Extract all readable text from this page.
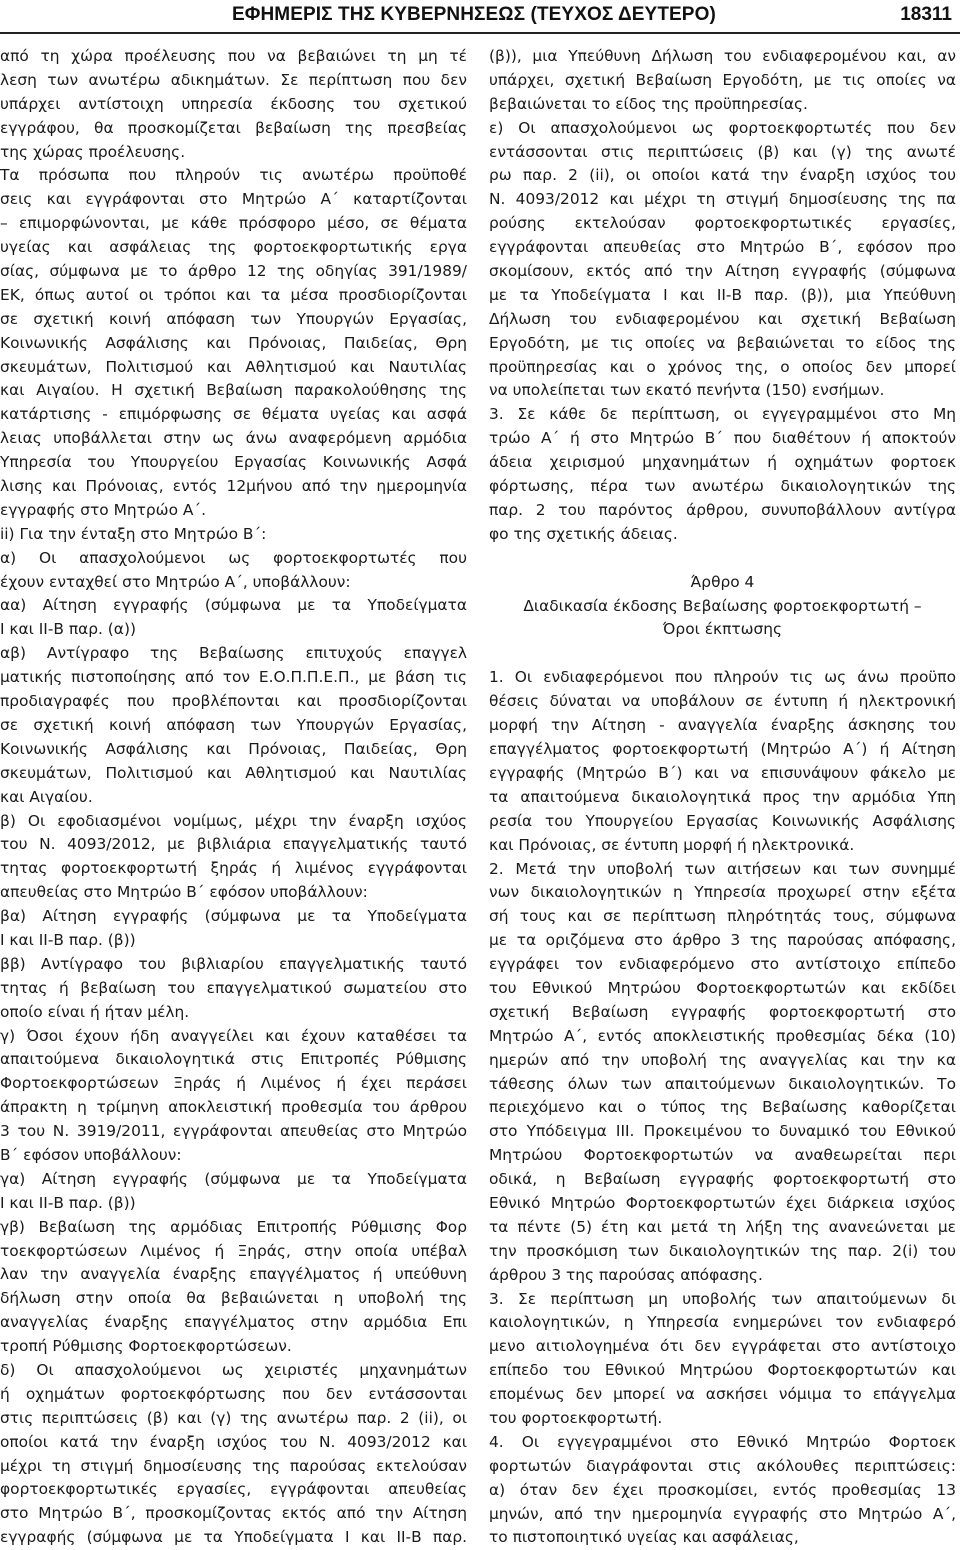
ΕΦΗΜΕΡΙΣ ΤΗΣ ΚΥΒΕΡΝΗΣΕΩΣ (ΤΕΥΧΟΣ ΔΕΥΤΕΡΟ)	18311
από τη χώρα προέλευσης που να βεβαιώνει τη μη τέ
λεση των ανωτέρω αδικημάτων. Σε περίπτωση που δεν
υπάρχει αντίστοιχη υπηρεσία έκδοσης του σχετικού
εγγράφου, θα προσκομίζεται βεβαίωση της πρεσβείας
της χώρας προέλευσης.
Τα πρόσωπα που πληρούν τις ανωτέρω προϋποθέ
σεις και εγγράφονται στο Μητρώο Α΄ καταρτίζονται
– επιμορφώνονται, με κάθε πρόσφορο μέσο, σε θέματα
υγείας και ασφάλειας της φορτοεκφορτωτικής εργα
σίας, σύμφωνα με το άρθρο 12 της οδηγίας 391/1989/
ΕΚ, όπως αυτοί οι τρόποι και τα μέσα προσδιορίζονται
σε σχετική κοινή απόφαση των Υπουργών Εργασίας,
Κοινωνικής Ασφάλισης και Πρόνοιας, Παιδείας, Θρη
σκευμάτων, Πολιτισμού και Αθλητισμού και Ναυτιλίας
και Αιγαίου. Η σχετική Βεβαίωση παρακολούθησης της
κατάρτισης - επιμόρφωσης σε θέματα υγείας και ασφά
λειας υποβάλλεται στην ως άνω αναφερόμενη αρμόδια
Υπηρεσία του Υπουργείου Εργασίας Κοινωνικής Ασφά
λισης και Πρόνοιας, εντός 12μήνου από την ημερομηνία
εγγραφής στο Μητρώο Α΄.
ii) Για την ένταξη στο Μητρώο Β΄:
α) Οι απασχολούμενοι ως φορτοεκφορτωτές που
έχουν ενταχθεί στο Μητρώο Α΄, υποβάλλουν:
αα) Αίτηση εγγραφής (σύμφωνα με τα Υποδείγματα
Ι και ΙΙ-Β παρ. (α))
αβ) Αντίγραφο της Βεβαίωσης επιτυχούς επαγγελ
ματικής πιστοποίησης από τον Ε.Ο.Π.Π.Ε.Π., με βάση τις
προδιαγραφές που προβλέπονται και προσδιορίζονται
σε σχετική κοινή απόφαση των Υπουργών Εργασίας,
Κοινωνικής Ασφάλισης και Πρόνοιας, Παιδείας, Θρη
σκευμάτων, Πολιτισμού και Αθλητισμού και Ναυτιλίας
και Αιγαίου.
β) Οι εφοδιασμένοι νομίμως, μέχρι την έναρξη ισχύος
του Ν. 4093/2012, με βιβλιάρια επαγγελματικής ταυτό
τητας φορτοεκφορτωτή ξηράς ή λιμένος εγγράφονται
απευθείας στο Μητρώο Β΄ εφόσον υποβάλλουν:
βα) Αίτηση εγγραφής (σύμφωνα με τα Υποδείγματα
Ι και ΙΙ-Β παρ. (β))
ββ) Αντίγραφο του βιβλιαρίου επαγγελματικής ταυτό
τητας ή βεβαίωση του επαγγελματικού σωματείου στο
οποίο είναι ή ήταν μέλη.
γ) Όσοι έχουν ήδη αναγγείλει και έχουν καταθέσει τα
απαιτούμενα δικαιολογητικά στις Επιτροπές Ρύθμισης
Φορτοεκφορτώσεων Ξηράς ή Λιμένος ή έχει περάσει
άπρακτη η τρίμηνη αποκλειστική προθεσμία του άρθρου
3 του Ν. 3919/2011, εγγράφονται απευθείας στο Μητρώο
Β΄ εφόσον υποβάλλουν:
γα) Αίτηση εγγραφής (σύμφωνα με τα Υποδείγματα
Ι και ΙΙ-Β παρ. (β))
γβ) Βεβαίωση της αρμόδιας Επιτροπής Ρύθμισης Φορ
τοεκφορτώσεων Λιμένος ή Ξηράς, στην οποία υπέβαλ
λαν την αναγγελία έναρξης επαγγέλματος ή υπεύθυνη
δήλωση στην οποία θα βεβαιώνεται η υποβολή της
αναγγελίας έναρξης επαγγέλματος στην αρμόδια Επι
τροπή Ρύθμισης Φορτοεκφορτώσεων.
δ) Οι απασχολούμενοι ως χειριστές μηχανημάτων
ή οχημάτων φορτοεκφόρτωσης που δεν εντάσσονται
στις περιπτώσεις (β) και (γ) της ανωτέρω παρ. 2 (ii), οι
οποίοι κατά την έναρξη ισχύος του Ν. 4093/2012 και
μέχρι τη στιγμή δημοσίευσης της παρούσας εκτελούσαν
φορτοεκφορτωτικές εργασίες, εγγράφονται απευθείας
στο Μητρώο Β΄, προσκομίζοντας εκτός από την Αίτηση
εγγραφής (σύμφωνα με τα Υποδείγματα Ι και ΙΙ-Β παρ.
(β)), μια Υπεύθυνη Δήλωση του ενδιαφερομένου και, αν
υπάρχει, σχετική Βεβαίωση Εργοδότη, με τις οποίες να
βεβαιώνεται το είδος της προϋπηρεσίας.
ε) Οι απασχολούμενοι ως φορτοεκφορτωτές που δεν
εντάσσονται στις περιπτώσεις (β) και (γ) της ανωτέ
ρω παρ. 2 (ii), οι οποίοι κατά την έναρξη ισχύος του
Ν. 4093/2012 και μέχρι τη στιγμή δημοσίευσης της πα
ρούσης εκτελούσαν φορτοεκφορτωτικές εργασίες,
εγγράφονται απευθείας στο Μητρώο Β΄, εφόσον προ
σκομίσουν, εκτός από την Αίτηση εγγραφής (σύμφωνα
με τα Υποδείγματα Ι και ΙΙ-Β παρ. (β)), μια Υπεύθυνη
Δήλωση του ενδιαφερομένου και σχετική Βεβαίωση
Εργοδότη, με τις οποίες να βεβαιώνεται το είδος της
προϋπηρεσίας και ο χρόνος της, ο οποίος δεν μπορεί
να υπολείπεται των εκατό πενήντα (150) ενσήμων.
3. Σε κάθε δε περίπτωση, οι εγγεγραμμένοι στο Μη
τρώο Α΄ ή στο Μητρώο Β΄ που διαθέτουν ή αποκτούν
άδεια χειρισμού μηχανημάτων ή οχημάτων φορτοεκ
φόρτωσης, πέρα των ανωτέρω δικαιολογητικών της
παρ. 2 του παρόντος άρθρου, συνυποβάλλουν αντίγρα
φο της σχετικής άδειας.
Άρθρο 4
Διαδικασία έκδοσης Βεβαίωσης φορτοεκφορτωτή –
Όροι έκπτωσης
1. Οι ενδιαφερόμενοι που πληρούν τις ως άνω προϋπο
θέσεις δύναται να υποβάλουν σε έντυπη ή ηλεκτρονική
μορφή την Αίτηση - αναγγελία έναρξης άσκησης του
επαγγέλματος φορτοεκφορτωτή (Μητρώο Α΄) ή Αίτηση
εγγραφής (Μητρώο Β΄) και να επισυνάψουν φάκελο με
τα απαιτούμενα δικαιολογητικά προς την αρμόδια Υπη
ρεσία του Υπουργείου Εργασίας Κοινωνικής Ασφάλισης
και Πρόνοιας, σε έντυπη μορφή ή ηλεκτρονικά.
2. Μετά την υποβολή των αιτήσεων και των συνημμέ
νων δικαιολογητικών η Υπηρεσία προχωρεί στην εξέτα
σή τους και σε περίπτωση πληρότητάς τους, σύμφωνα
με τα οριζόμενα στο άρθρο 3 της παρούσας απόφασης,
εγγράφει τον ενδιαφερόμενο στο αντίστοιχο επίπεδο
του Εθνικού Μητρώου Φορτοεκφορτωτών και εκδίδει
σχετική Βεβαίωση εγγραφής φορτοεκφορτωτή στο
Μητρώο Α΄, εντός αποκλειστικής προθεσμίας δέκα (10)
ημερών από την υποβολή της αναγγελίας και την κα
τάθεσης όλων των απαιτούμενων δικαιολογητικών. Το
περιεχόμενο και ο τύπος της Βεβαίωσης καθορίζεται
στο Υπόδειγμα ΙΙΙ. Προκειμένου το δυναμικό του Εθνικού
Μητρώου Φορτοεκφορτωτών να αναθεωρείται περι
οδικά, η Βεβαίωση εγγραφής φορτοεκφορτωτή στο
Εθνικό Μητρώο Φορτοεκφορτωτών έχει διάρκεια ισχύος
τα πέντε (5) έτη και μετά τη λήξη της ανανεώνεται με
την προσκόμιση των δικαιολογητικών της παρ. 2(i) του
άρθρου 3 της παρούσας απόφασης.
3. Σε περίπτωση μη υποβολής των απαιτούμενων δι
καιολογητικών, η Υπηρεσία ενημερώνει τον ενδιαφερό
μενο αιτιολογημένα ότι δεν εγγράφεται στο αντίστοιχο
επίπεδο του Εθνικού Μητρώου Φορτοεκφορτωτών και
επομένως δεν μπορεί να ασκήσει νόμιμα το επάγγελμα
του φορτοεκφορτωτή.
4. Οι εγγεγραμμένοι στο Εθνικό Μητρώο Φορτοεκ
φορτωτών διαγράφονται στις ακόλουθες περιπτώσεις:
α) όταν δεν έχει προσκομίσει, εντός προθεσμίας 13
μηνών, από την ημερομηνία εγγραφής στο Μητρώο Α΄,
το πιστοποιητικό υγείας και ασφάλειας,
